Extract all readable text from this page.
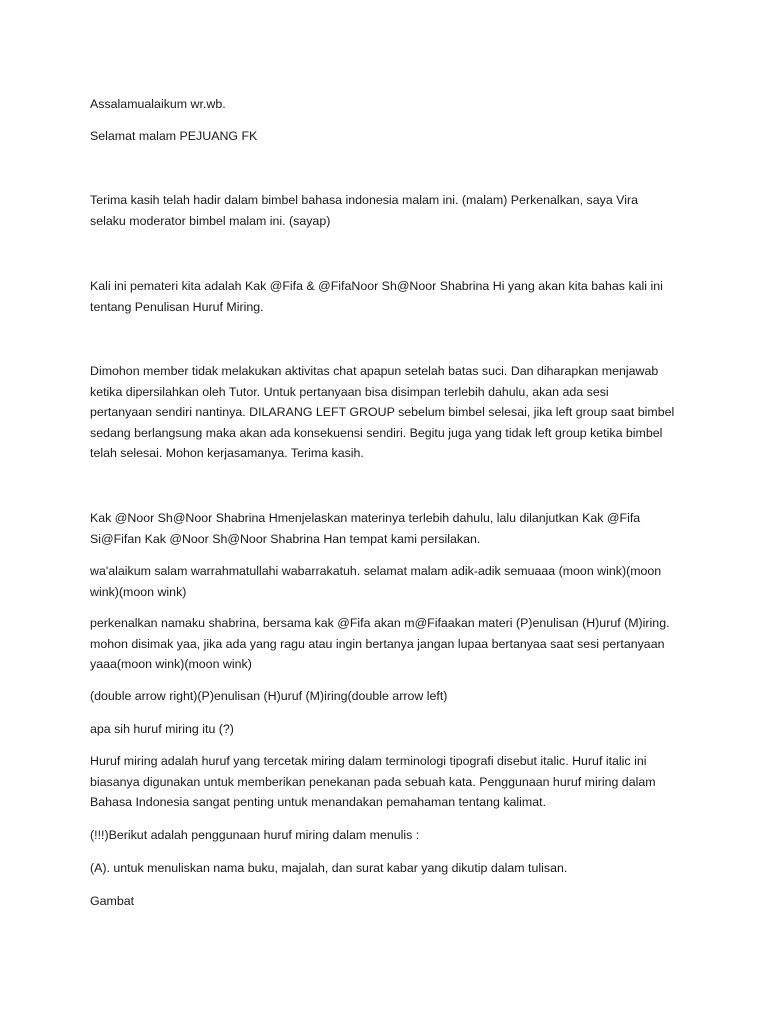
Assalamualaikum wr.wb.

Selamat malam PEJUANG FK

Terima kasih telah hadir dalam bimbel bahasa indonesia malam ini. (malam) Perkenalkan, saya Vira
selaku moderator bimbel malam ini. (sayap)

Kali ini pemateri kita adalah Kak @Fifa & @FifaNoor Sh@Noor Shabrina Hi yang akan kita bahas kali ini
tentang Penulisan Huruf Miring.

Dimohon member tidak melakukan aktivitas chat apapun setelah batas suci. Dan diharapkan menjawab
ketika dipersilahkan oleh Tutor. Untuk pertanyaan bisa disimpan terlebih dahulu, akan ada sesi
pertanyaan sendiri nantinya. DILARANG LEFT GROUP sebelum bimbel selesai, jika left group saat bimbel
sedang berlangsung maka akan ada konsekuensi sendiri. Begitu juga yang tidak left group ketika bimbel
telah selesai. Mohon kerjasamanya. Terima kasih.

Kak @Noor Sh@Noor Shabrina Hmenjelaskan materinya terlebih dahulu, lalu dilanjutkan Kak @Fifa
Si@Fifan Kak @Noor Sh@Noor Shabrina Han tempat kami persilakan.

wa'alaikum salam warrahmatullahi wabarrakatuh. selamat malam adik-adik semuaaa (moon wink)(moon
wink)(moon wink)

perkenalkan namaku shabrina, bersama kak @Fifa akan m@Fifaakan materi (P)enulisan (H)uruf (M)iring.
mohon disimak yaa, jika ada yang ragu atau ingin bertanya jangan lupaa bertanyaa saat sesi pertanyaan
yaaa(moon wink)(moon wink)

(double arrow right)(P)enulisan (H)uruf (M)iring(double arrow left)

apa sih huruf miring itu (?)

Huruf miring adalah huruf yang tercetak miring dalam terminologi tipografi disebut italic. Huruf italic ini
biasanya digunakan untuk memberikan penekanan pada sebuah kata. Penggunaan huruf miring dalam
Bahasa Indonesia sangat penting untuk menandakan pemahaman tentang kalimat.

(!!!)Berikut adalah penggunaan huruf miring dalam menulis :

(A). untuk menuliskan nama buku, majalah, dan surat kabar yang dikutip dalam tulisan.

Gambat
